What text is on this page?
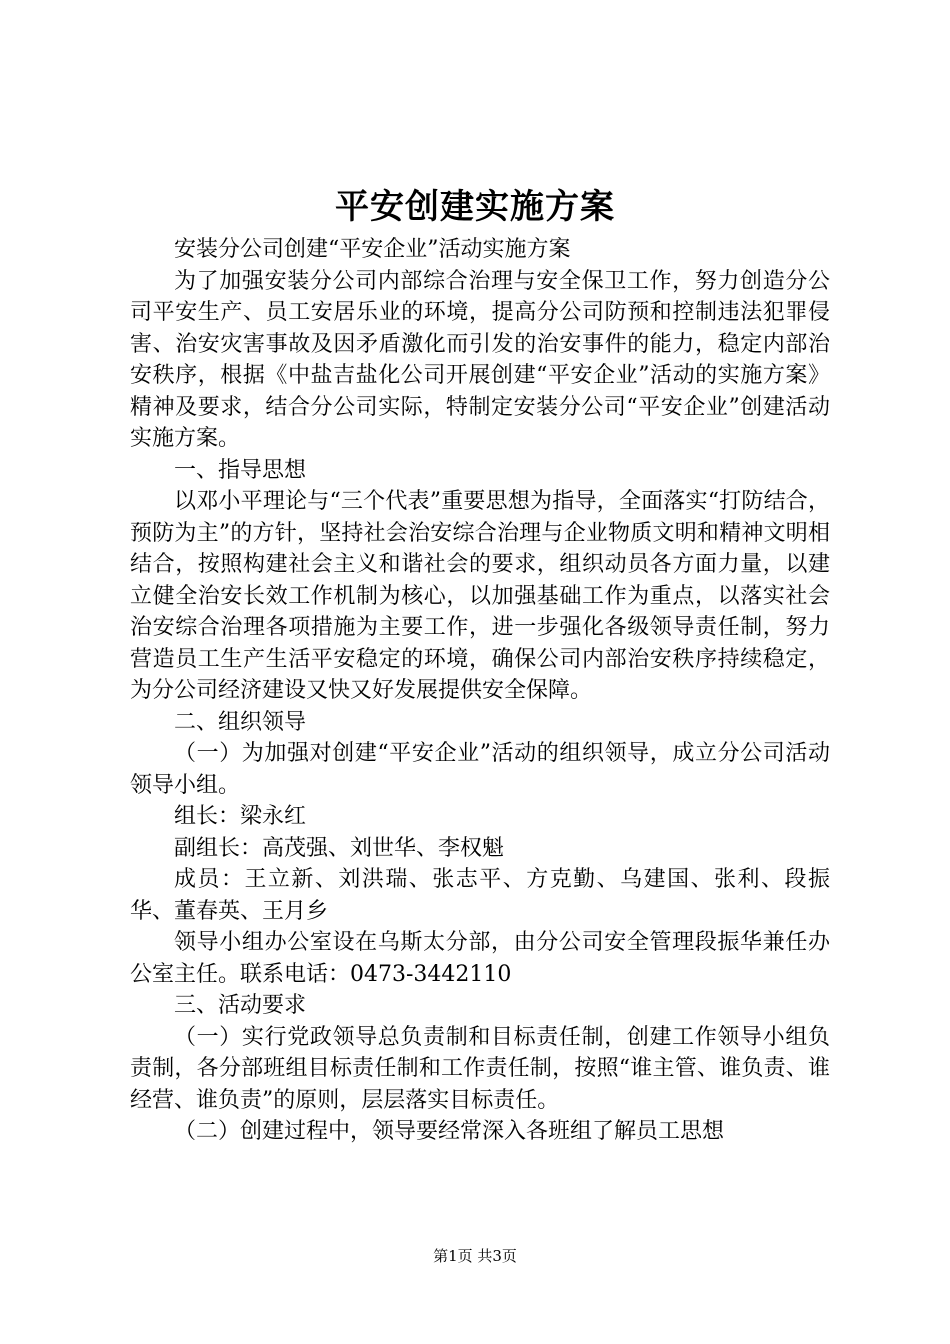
平安创建实施方案

安装分公司创建“平安企业”活动实施方案

为了加强安装分公司内部综合治理与安全保卫工作，努力创造分公司平安生产、员工安居乐业的环境，提高分公司防预和控制违法犯罪侵害、治安灾害事故及因矛盾激化而引发的治安事件的能力，稳定内部治安秩序，根据《中盐吉盐化公司开展创建“平安企业”活动的实施方案》精神及要求，结合分公司实际，特制定安装分公司“平安企业”创建活动实施方案。

一、指导思想

以邓小平理论与“三个代表”重要思想为指导，全面落实“打防结合，预防为主”的方针，坚持社会治安综合治理与企业物质文明和精神文明相结合，按照构建社会主义和谐社会的要求，组织动员各方面力量，以建立健全治安长效工作机制为核心，以加强基础工作为重点，以落实社会治安综合治理各项措施为主要工作，进一步强化各级领导责任制，努力营造员工生产生活平安稳定的环境，确保公司内部治安秩序持续稳定，为分公司经济建设又快又好发展提供安全保障。

二、组织领导

（一）为加强对创建“平安企业”活动的组织领导，成立分公司活动领导小组。

组长：梁永红

副组长：高茂强、刘世华、李权魁

成员：王立新、刘洪瑞、张志平、方克勤、乌建国、张利、段振华、董春英、王月乡

领导小组办公室设在乌斯太分部，由分公司安全管理段振华兼任办公室主任。联系电话：0473-3442110

三、活动要求

（一）实行党政领导总负责制和目标责任制，创建工作领导小组负责制，各分部班组目标责任制和工作责任制，按照“谁主管、谁负责、谁经营、谁负责”的原则，层层落实目标责任。

（二）创建过程中，领导要经常深入各班组了解员工思想

第1页 共3页
